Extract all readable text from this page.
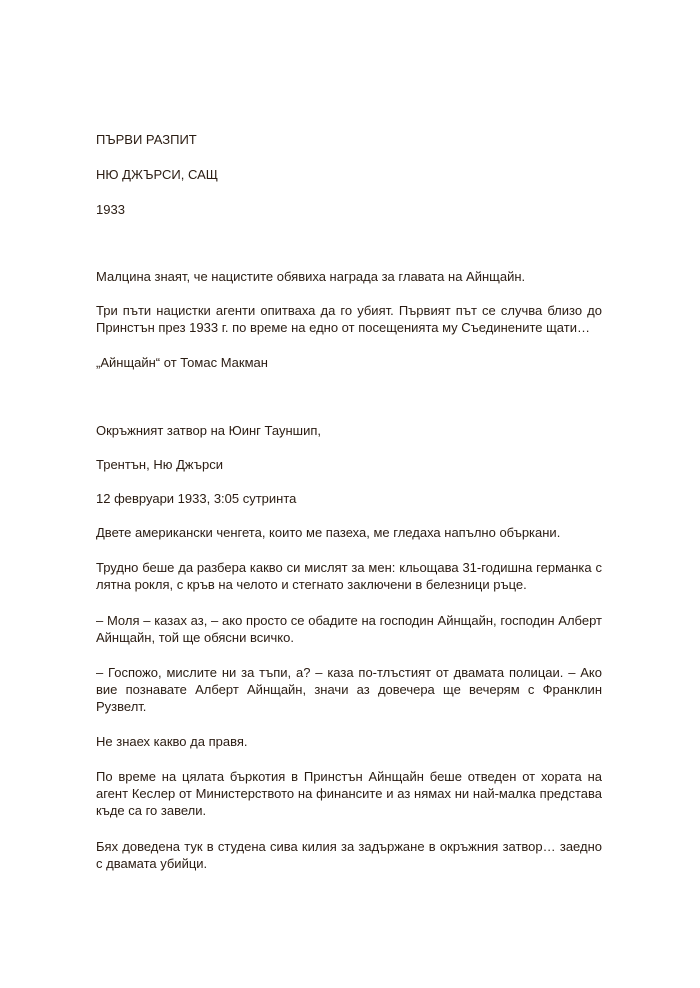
ПЪРВИ РАЗПИТ
НЮ ДЖЪРСИ, САЩ
1933
Малцина знаят, че нацистите обявиха награда за главата на Айнщайн.
Три пъти нацистки агенти опитваха да го убият. Първият път се случва близо до Принстън през 1933 г. по време на едно от посещенията му Съединените щати…
„Айнщайн“ от Томас Макман
Окръжният затвор на Юинг Тауншип,
Трентън, Ню Джърси
12 февруари 1933, 3:05 сутринта
Двете американски ченгета, които ме пазеха, ме гледаха напълно объркани.
Трудно беше да разбера какво си мислят за мен: кльощава 31-годишна германка с лятна рокля, с кръв на челото и стегнато заключени в белезници ръце.
– Моля – казах аз, – ако просто се обадите на господин Айнщайн, господин Алберт Айнщайн, той ще обясни всичко.
– Госпожо, мислите ни за тъпи, а? – каза по-тлъстият от двамата полицаи. – Ако вие познавате Алберт Айнщайн, значи аз довечера ще вечерям с Франклин Рузвелт.
Не знаех какво да правя.
По време на цялата бъркотия в Принстън Айнщайн беше отведен от хората на агент Кеслер от Министерството на финансите и аз нямах ни най-малка представа къде са го завели.
Бях доведена тук в студена сива килия за задържане в окръжния затвор… заедно с двамата убийци.
